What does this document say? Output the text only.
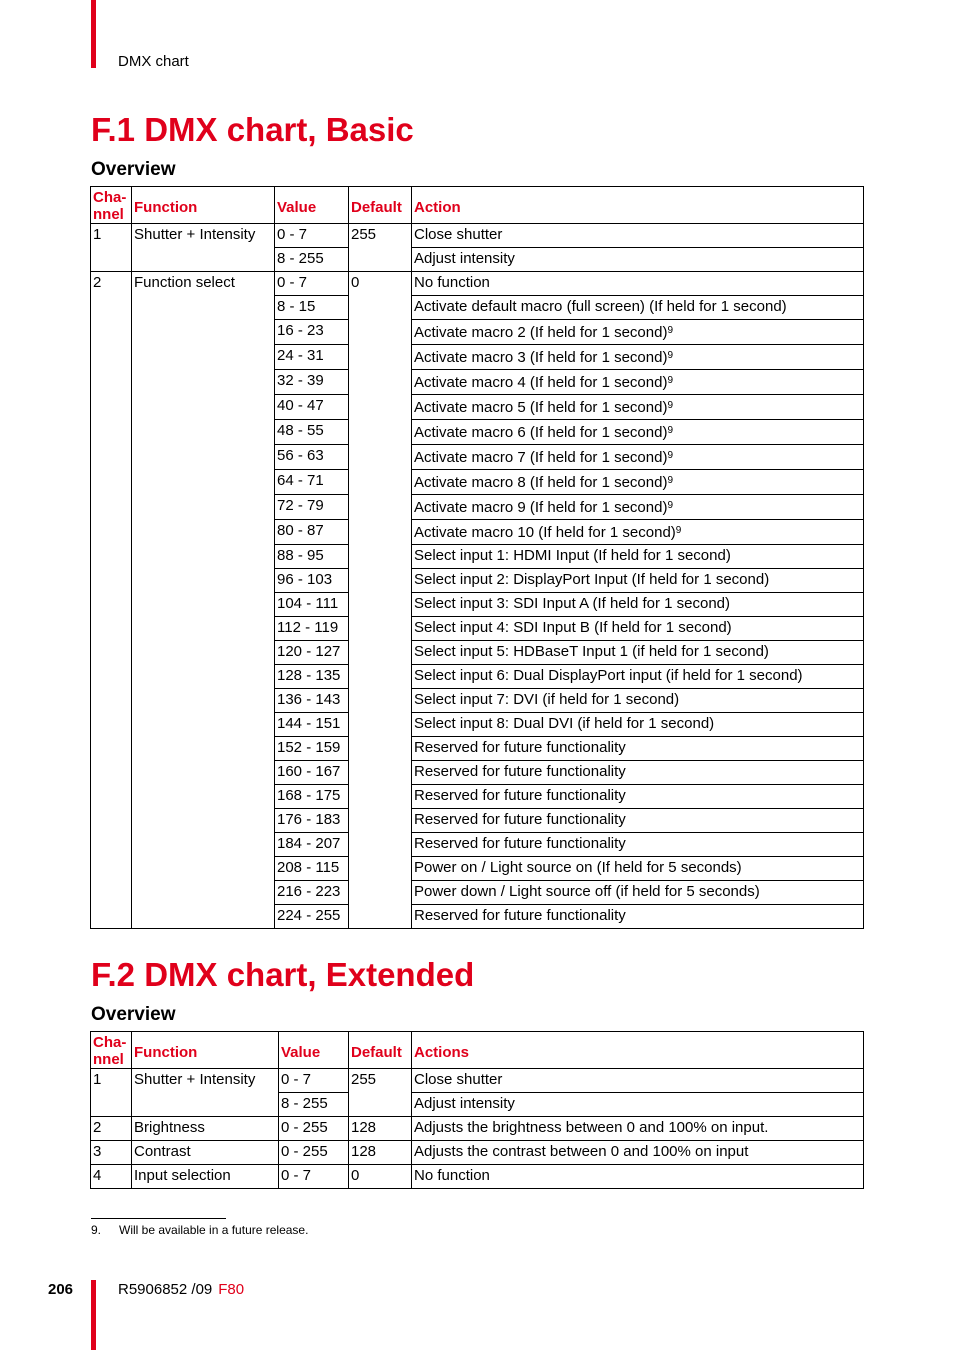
DMX chart
F.1 DMX chart, Basic
Overview
Cha-
nnel	Function	Value	Default	Action
1	Shutter + Intensity	0 - 7	255	Close shutter
		8 - 255		Adjust intensity
2	Function select	0 - 7	0	No function
		8 - 15		Activate default macro (full screen) (If held for 1 second)
		16 - 23		Activate macro 2 (If held for 1 second)$^9$
		24 - 31		Activate macro 3 (If held for 1 second)$^9$
		32 - 39		Activate macro 4 (If held for 1 second)$^9$
		40 - 47		Activate macro 5 (If held for 1 second)$^9$
		48 - 55		Activate macro 6 (If held for 1 second)$^9$
		56 - 63		Activate macro 7 (If held for 1 second)$^9$
		64 - 71		Activate macro 8 (If held for 1 second)$^9$
		72 - 79		Activate macro 9 (If held for 1 second)$^9$
		80 - 87		Activate macro 10 (If held for 1 second)$^9$
		88 - 95		Select input 1: HDMI Input (If held for 1 second)
		96 - 103		Select input 2: DisplayPort Input (If held for 1 second)
		104 - 111		Select input 3: SDI Input A (If held for 1 second)
		112 - 119		Select input 4: SDI Input B (If held for 1 second)
		120 - 127		Select input 5: HDBaseT Input 1 (if held for 1 second)
		128 - 135		Select input 6: Dual DisplayPort input (if held for 1 second)
		136 - 143		Select input 7: DVI (if held for 1 second)
		144 - 151		Select input 8: Dual DVI (if held for 1 second)
		152 - 159		Reserved for future functionality
		160 - 167		Reserved for future functionality
		168 - 175		Reserved for future functionality
		176 - 183		Reserved for future functionality
		184 - 207		Reserved for future functionality
		208 - 115		Power on / Light source on (If held for 5 seconds)
		216 - 223		Power down / Light source off (if held for 5 seconds)
		224 - 255		Reserved for future functionality
F.2 DMX chart, Extended
Overview
Cha-
nnel	Function	Value	Default	Actions
1	Shutter + Intensity	0 - 7	255	Close shutter
		8 - 255		Adjust intensity
2	Brightness	0 - 255	128	Adjusts the brightness between 0 and 100% on input.
3	Contrast	0 - 255	128	Adjusts the contrast between 0 and 100% on input
4	Input selection	0 - 7	0	No function
9. Will be available in a future release.
206	R5906852 /09 F80
